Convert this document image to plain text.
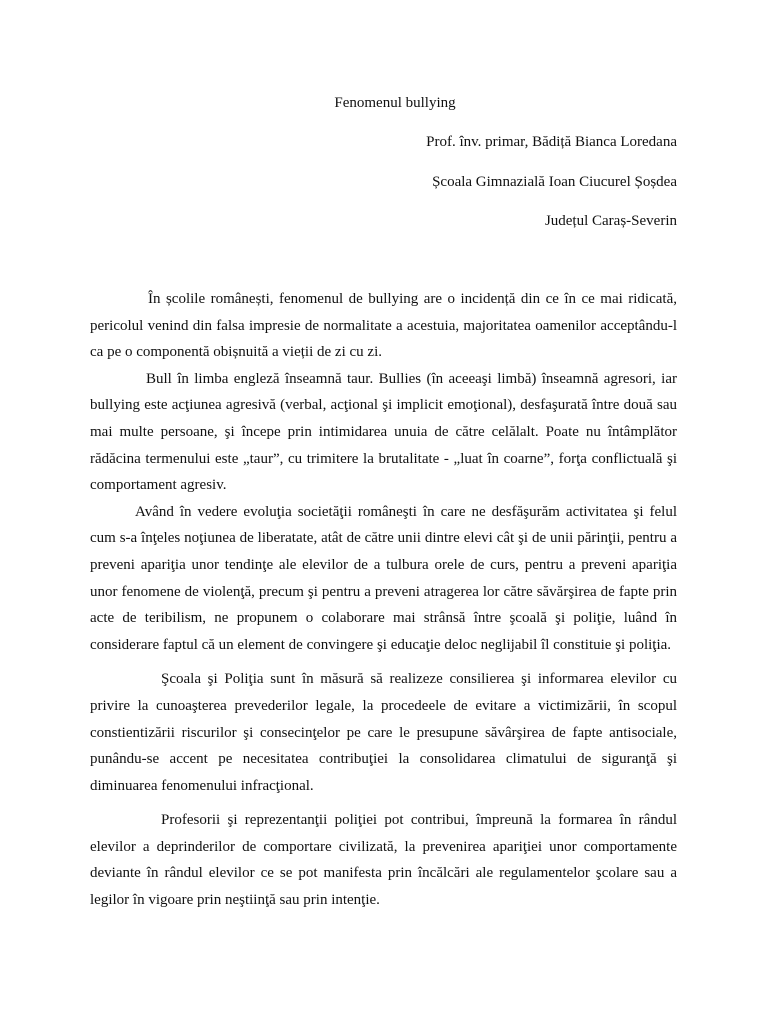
Fenomenul bullying
Prof. înv. primar, Bădiță Bianca Loredana
Școala Gimnazială Ioan Ciucurel Șoșdea
Județul Caraș-Severin

În școlile românești, fenomenul de bullying are o incidență din ce în ce mai ridicată, pericolul venind din falsa impresie de normalitate a acestuia, majoritatea oamenilor acceptându-l ca pe o componentă obișnuită a vieții de zi cu zi.

Bull în limba engleză înseamnă taur. Bullies (în aceeaşi limbă) înseamnă agresori, iar bullying este acţiunea agresivă (verbal, acţional şi implicit emoţional), desfaşurată între două sau mai multe persoane, şi începe prin intimidarea unuia de către celălalt. Poate nu întâmplător rădăcina termenului este „taur”, cu trimitere la brutalitate - „luat în coarne”, forţa conflictuală şi comportament agresiv.

Având în vedere evoluţia societăţii româneşti în care ne desfăşurăm activitatea şi felul cum s-a înţeles noţiunea de liberatate, atât de către unii dintre elevi cât şi de unii părinţii, pentru a preveni apariţia unor tendinţe ale elevilor de a tulbura orele de curs, pentru a preveni apariţia unor fenomene de violenţă, precum şi pentru a preveni atragerea lor către săvărşirea de fapte prin acte de teribilism, ne propunem o colaborare mai strânsă între şcoală şi poliţie, luând în considerare faptul că un element de convingere şi educaţie deloc neglijabil îl constituie şi poliţia.

Şcoala şi Poliţia sunt în măsură să realizeze consilierea şi informarea elevilor cu privire la cunoaşterea prevederilor legale, la procedeele de evitare a victimizării, în scopul constientizării riscurilor şi consecinţelor pe care le presupune săvârşirea de fapte antisociale, punându-se accent pe necesitatea contribuţiei la consolidarea climatului de siguranţă şi diminuarea fenomenului infracţional.

Profesorii şi reprezentanţii poliţiei pot contribui, împreună la formarea în rândul elevilor a deprinderilor de comportare civilizată, la prevenirea apariţiei unor comportamente deviante în rândul elevilor ce se pot manifesta prin încălcări ale regulamentelor şcolare sau a legilor în vigoare prin neştiinţă sau prin intenţie.
